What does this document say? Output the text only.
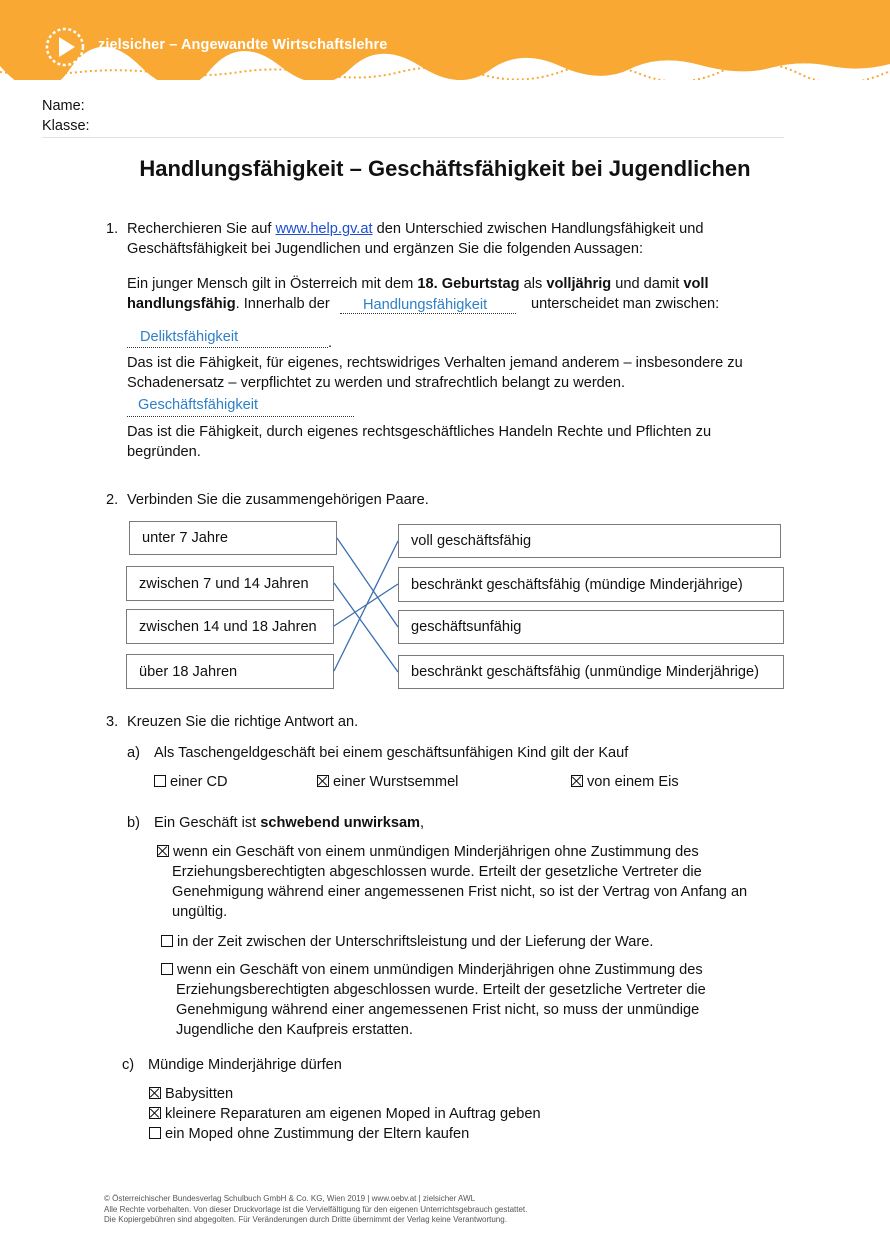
zielsicher – Angewandte Wirtschaftslehre
Name:
Klasse:
Handlungsfähigkeit – Geschäftsfähigkeit bei Jugendlichen
1. Recherchieren Sie auf www.help.gv.at den Unterschied zwischen Handlungsfähigkeit und
Geschäftsfähigkeit bei Jugendlichen und ergänzen Sie die folgenden Aussagen:
Ein junger Mensch gilt in Österreich mit dem 18. Geburtstag als volljährig und damit voll
handlungsfähig. Innerhalb der Handlungsfähigkeit	unterscheidet man zwischen:
Deliktsfähigkeit	.
Das ist die Fähigkeit, für eigenes, rechtswidriges Verhalten jemand anderem – insbesondere zu
Schadenersatz – verpflichtet zu werden und strafrechtlich belangt zu werden.
Geschäftsfähigkeit
Das ist die Fähigkeit, durch eigenes rechtsgeschäftliches Handeln Rechte und Pflichten zu
begründen.
2. Verbinden Sie die zusammengehörigen Paare.
unter 7 Jahre
zwischen 7 und 14 Jahren
zwischen 14 und 18 Jahren
über 18 Jahren
voll geschäftsfähig
beschränkt geschäftsfähig (mündige Minderjährige)
geschäftsunfähig
beschränkt geschäftsfähig (unmündige Minderjährige)
3. Kreuzen Sie die richtige Antwort an.
a) Als Taschengeldgeschäft bei einem geschäftsunfähigen Kind gilt der Kauf
einer CD	einer Wurstsemmel	von einem Eis
b) Ein Geschäft ist schwebend unwirksam,
wenn ein Geschäft von einem unmündigen Minderjährigen ohne Zustimmung des
Erziehungsberechtigten abgeschlossen wurde. Erteilt der gesetzliche Vertreter die
Genehmigung während einer angemessenen Frist nicht, so ist der Vertrag von Anfang an
ungültig.
in der Zeit zwischen der Unterschriftsleistung und der Lieferung der Ware.
wenn ein Geschäft von einem unmündigen Minderjährigen ohne Zustimmung des
Erziehungsberechtigten abgeschlossen wurde. Erteilt der gesetzliche Vertreter die
Genehmigung während einer angemessenen Frist nicht, so muss der unmündige
Jugendliche den Kaufpreis erstatten.
c) Mündige Minderjährige dürfen
Babysitten
kleinere Reparaturen am eigenen Moped in Auftrag geben
ein Moped ohne Zustimmung der Eltern kaufen
© Österreichischer Bundesverlag Schulbuch GmbH & Co. KG, Wien 2019 | www.oebv.at | zielsicher AWL
Alle Rechte vorbehalten. Von dieser Druckvorlage ist die Vervielfältigung für den eigenen Unterrichtsgebrauch gestattet.
Die Kopiergebühren sind abgegolten. Für Veränderungen durch Dritte übernimmt der Verlag keine Verantwortung.
